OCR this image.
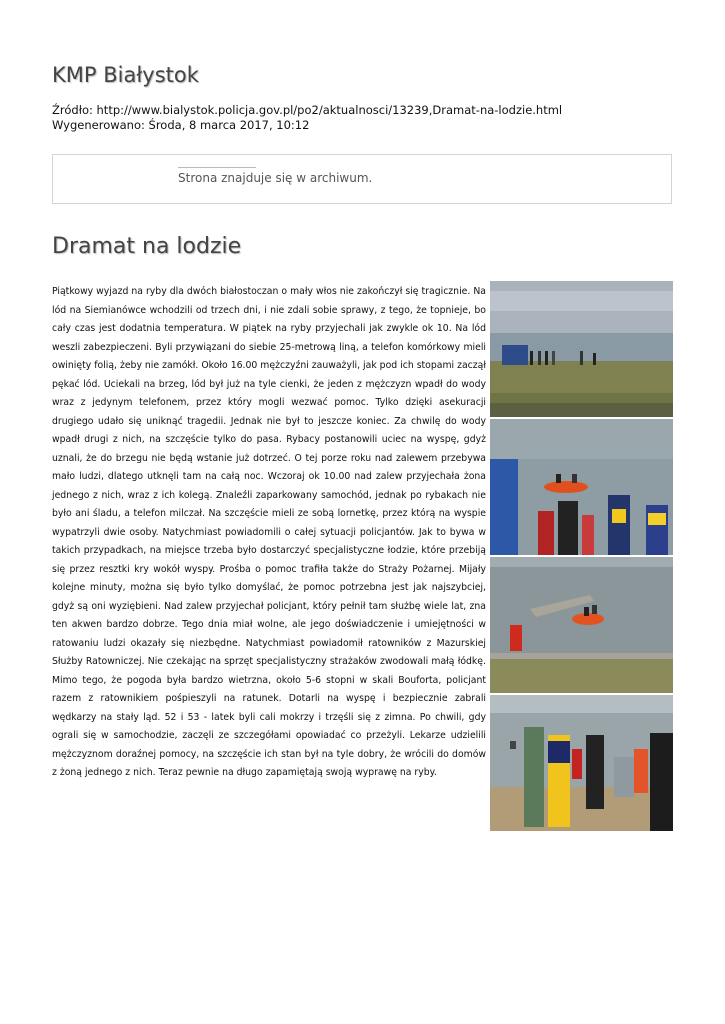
KMP Białystok
Źródło: http://www.bialystok.policja.gov.pl/po2/aktualnosci/13239,Dramat-na-lodzie.html
Wygenerowano: Środa, 8 marca 2017, 10:12
Strona znajduje się w archiwum.
Dramat na lodzie
Piątkowy wyjazd na ryby dla dwóch białostoczan o mały włos nie zakończył się tragicznie. Na lód na Siemianówce wchodzili od trzech dni, i nie zdali sobie sprawy, z tego, że topnieje, bo cały czas jest dodatnia temperatura. W piątek na ryby przyjechali jak zwykle ok 10. Na lód weszli zabezpieczeni. Byli przywiązani do siebie 25-metrową liną, a telefon komórkowy mieli owinięty folią, żeby nie zamókł. Około 16.00 mężczyźni zauważyli, jak pod ich stopami zaczął pękać lód. Uciekali na brzeg, lód był już na tyle cienki, że jeden z mężczyzn wpadł do wody wraz z jedynym telefonem, przez który mogli wezwać pomoc. Tylko dzięki asekuracji drugiego udało się uniknąć tragedii. Jednak nie był to jeszcze koniec. Za chwilę do wody wpadł drugi z nich, na szczęście tylko do pasa. Rybacy postanowili uciec na wyspę, gdyż uznali, że do brzegu nie będą wstanie już dotrzeć. O tej porze roku nad zalewem przebywa mało ludzi, dlatego utknęli tam na całą noc. Wczoraj ok 10.00 nad zalew przyjechała żona jednego z nich, wraz z ich kolegą. Znaleźli zaparkowany samochód, jednak po rybakach nie było ani śladu, a telefon milczał. Na szczęście mieli ze sobą lornetkę, przez którą na wyspie wypatrzyli dwie osoby. Natychmiast powiadomili o całej sytuacji policjantów. Jak to bywa w takich przypadkach, na miejsce trzeba było dostarczyć specjalistyczne łodzie, które przebiją się przez resztki kry wokół wyspy. Prośba o pomoc trafiła także do Straży Pożarnej. Mijały kolejne minuty, można się było tylko domyślać, że pomoc potrzebna jest jak najszybciej, gdyż są oni wyziębieni. Nad zalew przyjechał policjant, który pełnił tam służbę wiele lat, zna ten akwen bardzo dobrze. Tego dnia miał wolne, ale jego doświadczenie i umiejętności w ratowaniu ludzi okazały się niezbędne. Natychmiast powiadomił ratowników z Mazurskiej Służby Ratowniczej. Nie czekając na sprzęt specjalistyczny strażaków zwodowali małą łódkę. Mimo tego, że pogoda była bardzo wietrzna, około 5-6 stopni w skali Bouforta, policjant razem z ratownikiem pośpieszyli na ratunek. Dotarli na wyspę i bezpiecznie zabrali wędkarzy na stały ląd. 52 i 53 - latek byli cali mokrzy i trzęśli się z zimna. Po chwili, gdy ograli się w samochodzie, zaczęli ze szczegółami opowiadać co przeżyli. Lekarze udzielili mężczyznom doraźnej pomocy, na szczęście ich stan był na tyle dobry, że wrócili do domów z żoną jednego z nich. Teraz pewnie na długo zapamiętają swoją wyprawę na ryby.
